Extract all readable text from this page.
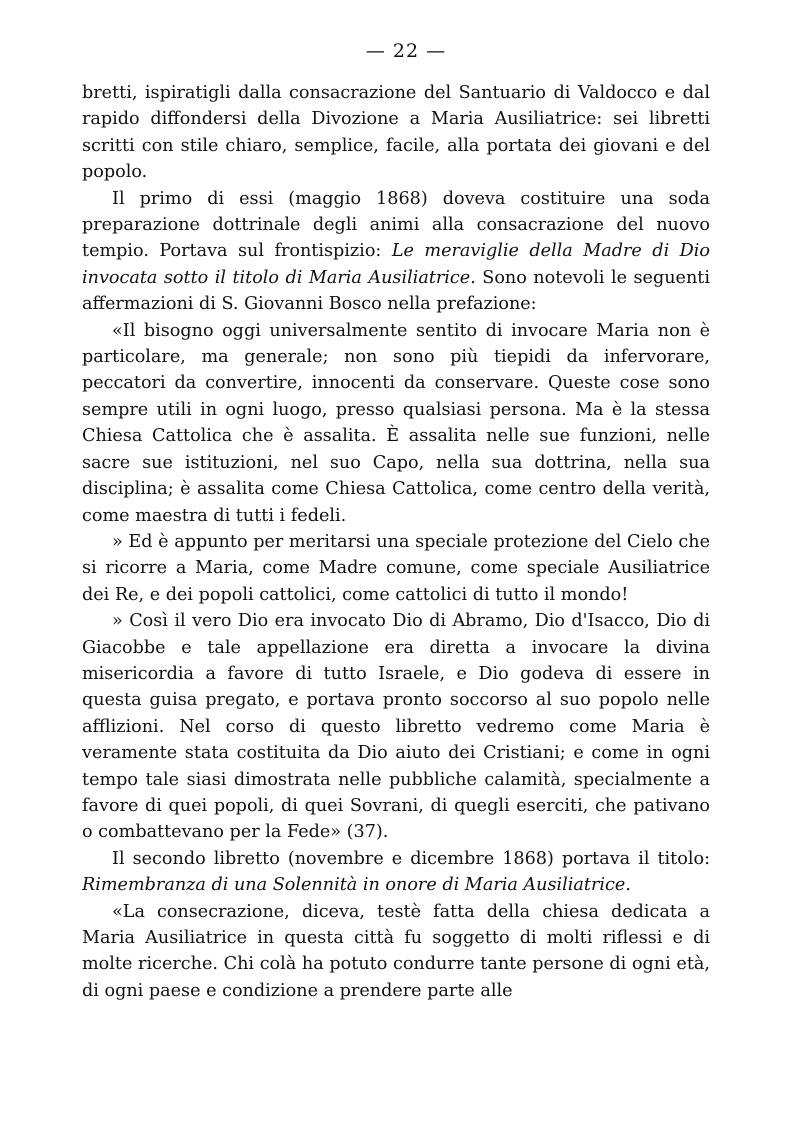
— 22 —

bretti, ispiratigli dalla consacrazione del Santuario di Valdocco e dal rapido diffondersi della Divozione a Maria Ausiliatrice: sei libretti scritti con stile chiaro, semplice, facile, alla portata dei giovani e del popolo.

Il primo di essi (maggio 1868) doveva costituire una soda preparazione dottrinale degli animi alla consacrazione del nuovo tempio. Portava sul frontispizio: Le meraviglie della Madre di Dio invocata sotto il titolo di Maria Ausiliatrice. Sono notevoli le seguenti affermazioni di S. Giovanni Bosco nella prefazione:

«Il bisogno oggi universalmente sentito di invocare Maria non è particolare, ma generale; non sono più tiepidi da infervorare, peccatori da convertire, innocenti da conservare. Queste cose sono sempre utili in ogni luogo, presso qualsiasi persona. Ma è la stessa Chiesa Cattolica che è assalita. È assalita nelle sue funzioni, nelle sacre sue istituzioni, nel suo Capo, nella sua dottrina, nella sua disciplina; è assalita come Chiesa Cattolica, come centro della verità, come maestra di tutti i fedeli.

» Ed è appunto per meritarsi una speciale protezione del Cielo che si ricorre a Maria, come Madre comune, come speciale Ausiliatrice dei Re, e dei popoli cattolici, come cattolici di tutto il mondo!

» Così il vero Dio era invocato Dio di Abramo, Dio d'Isacco, Dio di Giacobbe e tale appellazione era diretta a invocare la divina misericordia a favore di tutto Israele, e Dio godeva di essere in questa guisa pregato, e portava pronto soccorso al suo popolo nelle afflizioni. Nel corso di questo libretto vedremo come Maria è veramente stata costituita da Dio aiuto dei Cristiani; e come in ogni tempo tale siasi dimostrata nelle pubbliche calamità, specialmente a favore di quei popoli, di quei Sovrani, di quegli eserciti, che pativano o combattevano per la Fede» (37).

Il secondo libretto (novembre e dicembre 1868) portava il titolo: Rimembranza di una Solennità in onore di Maria Ausiliatrice.

«La consecrazione, diceva, testè fatta della chiesa dedicata a Maria Ausiliatrice in questa città fu soggetto di molti riflessi e di molte ricerche. Chi colà ha potuto condurre tante persone di ogni età, di ogni paese e condizione a prendere parte alle
